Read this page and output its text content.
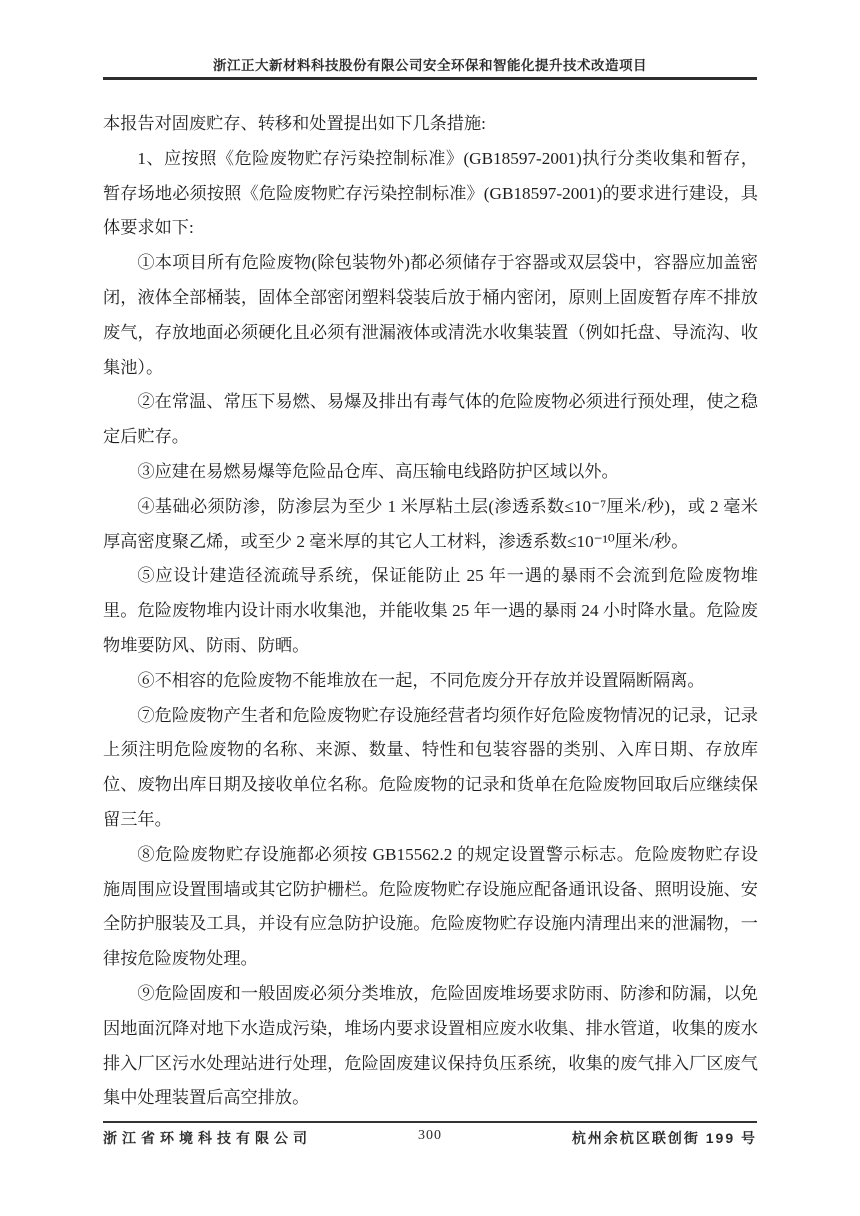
浙江正大新材料科技股份有限公司安全环保和智能化提升技术改造项目

本报告对固废贮存、转移和处置提出如下几条措施:

1、应按照《危险废物贮存污染控制标准》(GB18597-2001)执行分类收集和暂存，暂存场地必须按照《危险废物贮存污染控制标准》(GB18597-2001)的要求进行建设，具体要求如下:

①本项目所有危险废物(除包装物外)都必须储存于容器或双层袋中，容器应加盖密闭，液体全部桶装，固体全部密闭塑料袋装后放于桶内密闭，原则上固废暂存库不排放废气，存放地面必须硬化且必须有泄漏液体或清洗水收集装置（例如托盘、导流沟、收集池）。

②在常温、常压下易燃、易爆及排出有毒气体的危险废物必须进行预处理，使之稳定后贮存。

③应建在易燃易爆等危险品仓库、高压输电线路防护区域以外。

④基础必须防渗，防渗层为至少 1 米厚粘土层(渗透系数≤10⁻⁷厘米/秒)，或 2 毫米厚高密度聚乙烯，或至少 2 毫米厚的其它人工材料，渗透系数≤10⁻¹⁰厘米/秒。

⑤应设计建造径流疏导系统，保证能防止 25 年一遇的暴雨不会流到危险废物堆里。危险废物堆内设计雨水收集池，并能收集 25 年一遇的暴雨 24 小时降水量。危险废物堆要防风、防雨、防晒。

⑥不相容的危险废物不能堆放在一起，不同危废分开存放并设置隔断隔离。

⑦危险废物产生者和危险废物贮存设施经营者均须作好危险废物情况的记录，记录上须注明危险废物的名称、来源、数量、特性和包装容器的类别、入库日期、存放库位、废物出库日期及接收单位名称。危险废物的记录和货单在危险废物回取后应继续保留三年。

⑧危险废物贮存设施都必须按 GB15562.2 的规定设置警示标志。危险废物贮存设施周围应设置围墙或其它防护栅栏。危险废物贮存设施应配备通讯设备、照明设施、安全防护服装及工具，并设有应急防护设施。危险废物贮存设施内清理出来的泄漏物，一律按危险废物处理。

⑨危险固废和一般固废必须分类堆放，危险固废堆场要求防雨、防渗和防漏，以免因地面沉降对地下水造成污染，堆场内要求设置相应废水收集、排水管道，收集的废水排入厂区污水处理站进行处理，危险固废建议保持负压系统，收集的废气排入厂区废气集中处理装置后高空排放。

浙江省环境科技有限公司	300	杭州余杭区联创街 199 号
